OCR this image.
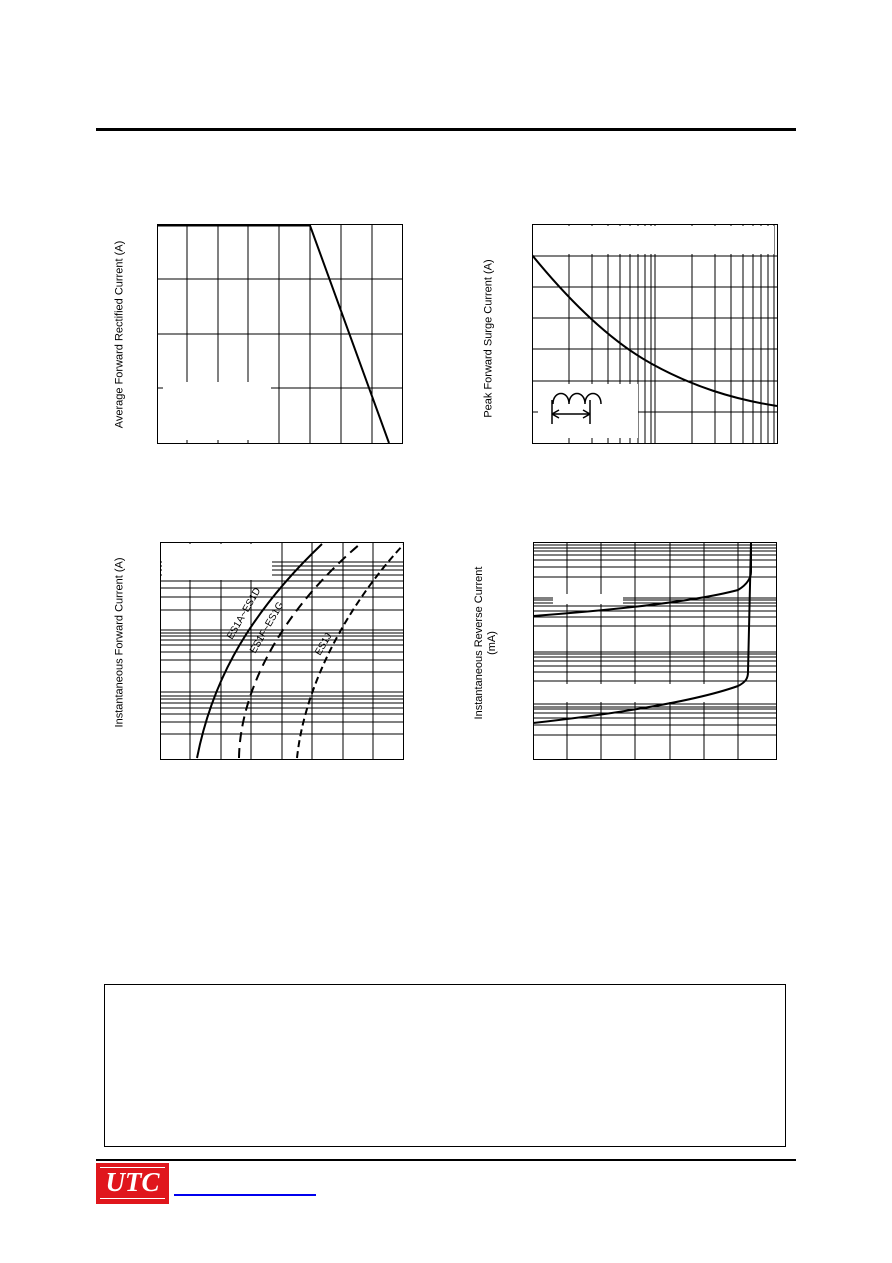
Average Forward Rectified Current (A)	Peak Forward Surge Current (A)
Instantaneous Forward Current (A)	ES1A~ES1D
ES1F~ES1G	ES1J	Instantaneous Reverse Current (mA)
UTC
